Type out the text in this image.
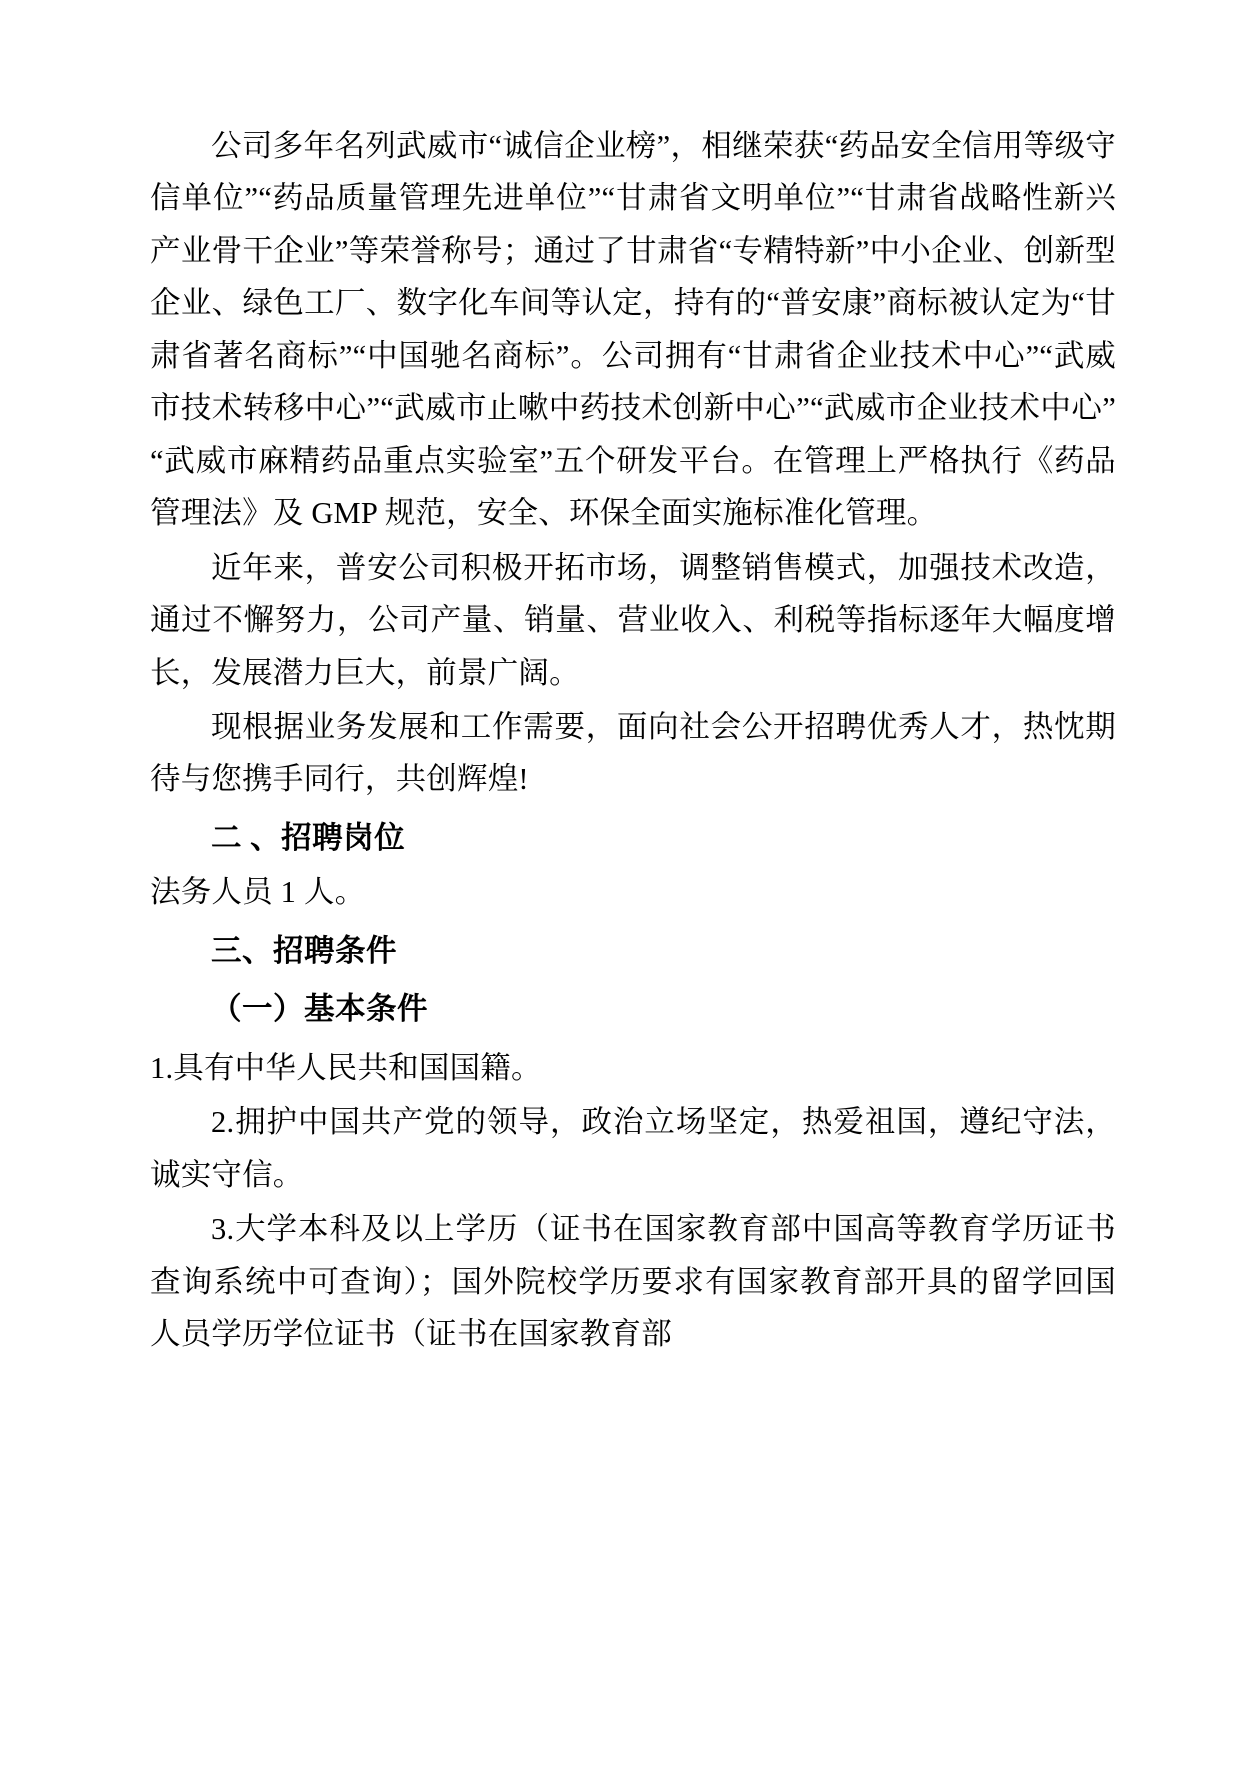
公司多年名列武威市“诚信企业榜”，相继荣获“药品安全信用等级守信单位”“药品质量管理先进单位”“甘肃省文明单位”“甘肃省战略性新兴产业骨干企业”等荣誉称号；通过了甘肃省“专精特新”中小企业、创新型企业、绿色工厂、数字化车间等认定，持有的“普安康”商标被认定为“甘肃省著名商标”“中国驰名商标”。公司拥有“甘肃省企业技术中心”“武威市技术转移中心”“武威市止嗽中药技术创新中心”“武威市企业技术中心”“武威市麻精药品重点实验室”五个研发平台。在管理上严格执行《药品管理法》及 GMP 规范，安全、环保全面实施标准化管理。

近年来，普安公司积极开拓市场，调整销售模式，加强技术改造，通过不懈努力，公司产量、销量、营业收入、利税等指标逐年大幅度增长，发展潜力巨大，前景广阔。

现根据业务发展和工作需要，面向社会公开招聘优秀人才，热忱期待与您携手同行，共创辉煌!

二 、招聘岗位

法务人员 1 人。

三、招聘条件

（一）基本条件

1.具有中华人民共和国国籍。

2.拥护中国共产党的领导，政治立场坚定，热爱祖国，遵纪守法，诚实守信。

3.大学本科及以上学历（证书在国家教育部中国高等教育学历证书查询系统中可查询）；国外院校学历要求有国家教育部开具的留学回国人员学历学位证书（证书在国家教育部
